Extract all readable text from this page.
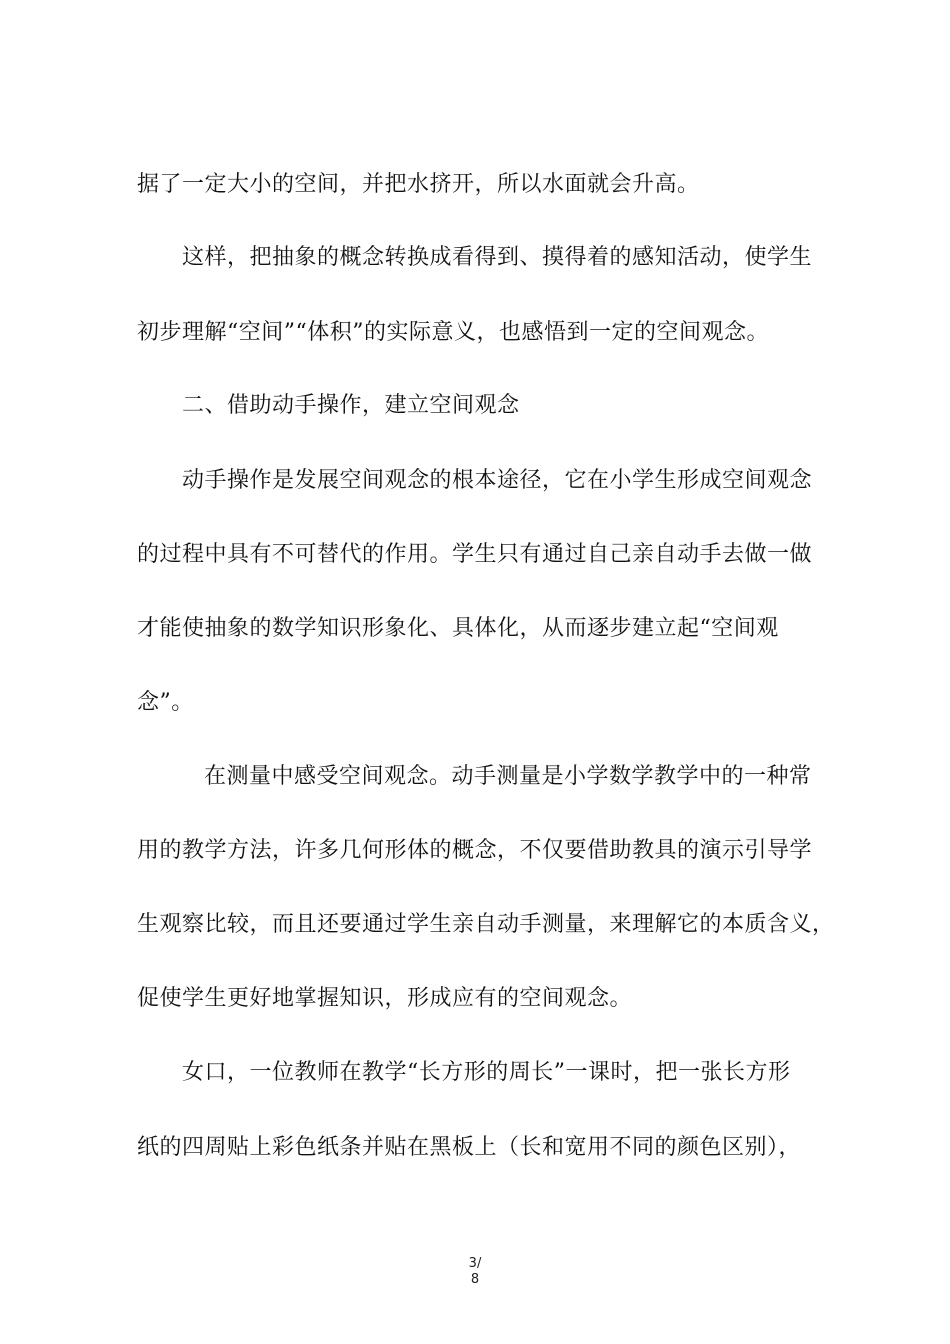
据了一定大小的空间，并把水挤开，所以水面就会升高。
这样，把抽象的概念转换成看得到、摸得着的感知活动，使学生
初步理解“空间”“体积”的实际意义，也感悟到一定的空间观念。
二、借助动手操作，建立空间观念
动手操作是发展空间观念的根本途径，它在小学生形成空间观念
的过程中具有不可替代的作用。学生只有通过自己亲自动手去做一做
才能使抽象的数学知识形象化、具体化，从而逐步建立起“空间观
念”。
在测量中感受空间观念。动手测量是小学数学教学中的一种常
用的教学方法，许多几何形体的概念，不仅要借助教具的演示引导学
生观察比较，而且还要通过学生亲自动手测量，来理解它的本质含义，
促使学生更好地掌握知识，形成应有的空间观念。
女口，一位教师在教学“长方形的周长”一课时，把一张长方形
纸的四周贴上彩色纸条并贴在黑板上（长和宽用不同的颜色区别），
3/
8
